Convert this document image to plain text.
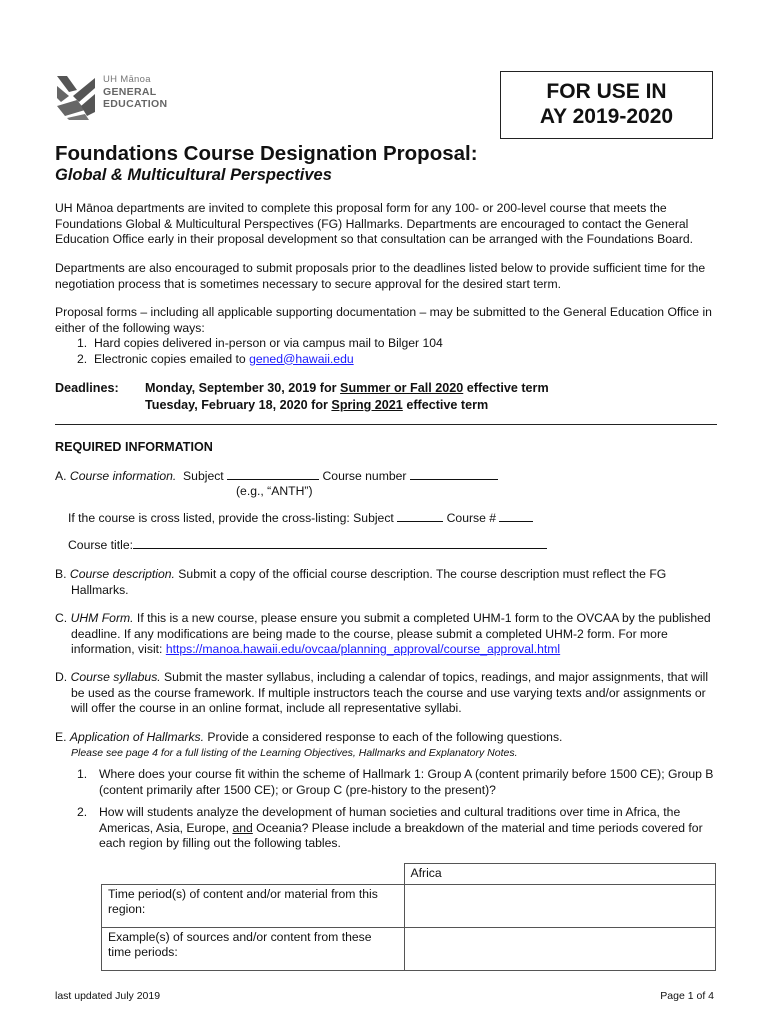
UH Mānoa
GENERAL
EDUCATION
FOR USE IN
AY 2019-2020
Foundations Course Designation Proposal:
Global & Multicultural Perspectives
UH Mānoa departments are invited to complete this proposal form for any 100- or 200-level course that meets the Foundations Global & Multicultural Perspectives (FG) Hallmarks. Departments are encouraged to contact the General Education Office early in their proposal development so that consultation can be arranged with the Foundations Board.
Departments are also encouraged to submit proposals prior to the deadlines listed below to provide sufficient time for the negotiation process that is sometimes necessary to secure approval for the desired start term.
Proposal forms – including all applicable supporting documentation – may be submitted to the General Education Office in either of the following ways:
1. Hard copies delivered in-person or via campus mail to Bilger 104
2. Electronic copies emailed to gened@hawaii.edu
Deadlines: Monday, September 30, 2019 for Summer or Fall 2020 effective term
Tuesday, February 18, 2020 for Spring 2021 effective term
REQUIRED INFORMATION
A. Course information. Subject	Course number
(e.g., “ANTH”)
If the course is cross listed, provide the cross-listing: Subject	Course #
Course title:
B. Course description. Submit a copy of the official course description. The course description must reflect the FG Hallmarks.
C. UHM Form. If this is a new course, please ensure you submit a completed UHM-1 form to the OVCAA by the published deadline. If any modifications are being made to the course, please submit a completed UHM-2 form. For more information, visit: https://manoa.hawaii.edu/ovcaa/planning_approval/course_approval.html
D. Course syllabus. Submit the master syllabus, including a calendar of topics, readings, and major assignments, that will be used as the course framework. If multiple instructors teach the course and use varying texts and/or assignments or will offer the course in an online format, include all representative syllabi.
E. Application of Hallmarks. Provide a considered response to each of the following questions.
Please see page 4 for a full listing of the Learning Objectives, Hallmarks and Explanatory Notes.
1. Where does your course fit within the scheme of Hallmark 1: Group A (content primarily before 1500 CE); Group B (content primarily after 1500 CE); or Group C (pre-history to the present)?
2. How will students analyze the development of human societies and cultural traditions over time in Africa, the Americas, Asia, Europe, and Oceania? Please include a breakdown of the material and time periods covered for each region by filling out the following tables.
	Africa
Time period(s) of content and/or material from this region:	
Example(s) of sources and/or content from these time periods:	
last updated July 2019	Page 1 of 4
